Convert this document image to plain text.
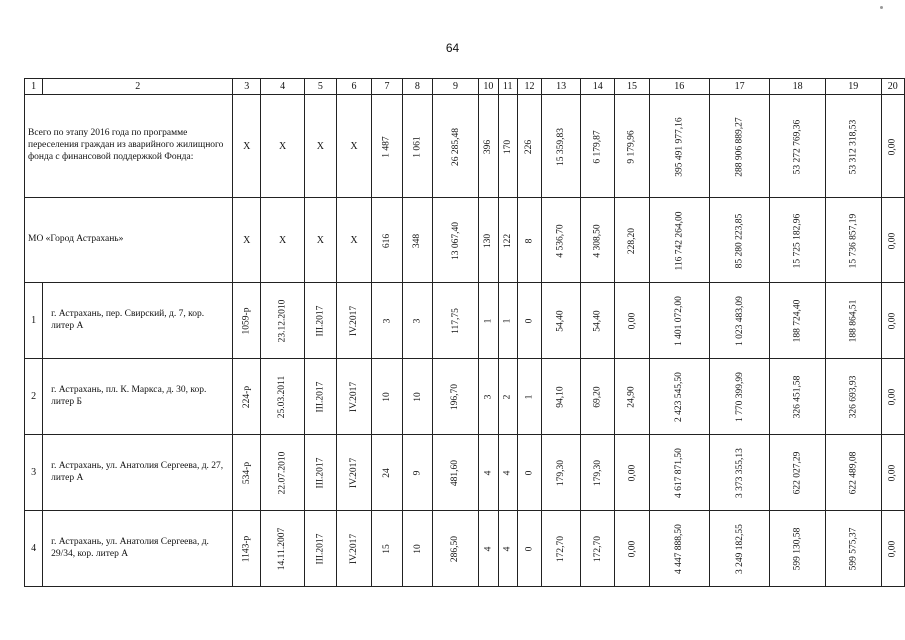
64
1	2	3	4	5	6	7	8	9	10	11	12	13	14	15	16	17	18	19	20
Всего по этапу 2016 года по программе переселения граждан из аварийного жилищного фонда с финансовой поддержкой Фонда:		Х	Х	Х	Х	1 487	1 061	26 285,48	396	170	226	15 359,83	6 179,87	9 179,96	395 491 977,16	288 906 889,27	53 272 769,36	53 312 318,53	0,00
МО «Город Астрахань»		Х	Х	Х	Х	616	348	13 067,40	130	122	8	4 536,70	4 308,50	228,20	116 742 264,00	85 280 223,85	15 725 182,96	15 736 857,19	0,00
1	г. Астрахань, пер. Свирский, д. 7, кор. литер А	1059-р	23.12.2010	III.2017	IV.2017	3	3	117,75	1	1	0	54,40	54,40	0,00	1 401 072,00	1 023 483,09	188 724,40	188 864,51	0,00
2	г. Астрахань, пл. К. Маркса, д. 30, кор. литер Б	224-р	25.03.2011	III.2017	IV.2017	10	10	196,70	3	2	1	94,10	69,20	24,90	2 423 545,50	1 770 399,99	326 451,58	326 693,93	0,00
3	г. Астрахань, ул. Анатолия Сергеева, д. 27, литер А	534-р	22.07.2010	III.2017	IV.2017	24	9	481,60	4	4	0	179,30	179,30	0,00	4 617 871,50	3 373 355,13	622 027,29	622 489,08	0,00
4	г. Астрахань, ул. Анатолия Сергеева, д. 29/34, кор. литер А	1143-р	14.11.2007	III.2017	IV.2017	15	10	286,50	4	4	0	172,70	172,70	0,00	4 447 888,50	3 249 182,55	599 130,58	599 575,37	0,00
